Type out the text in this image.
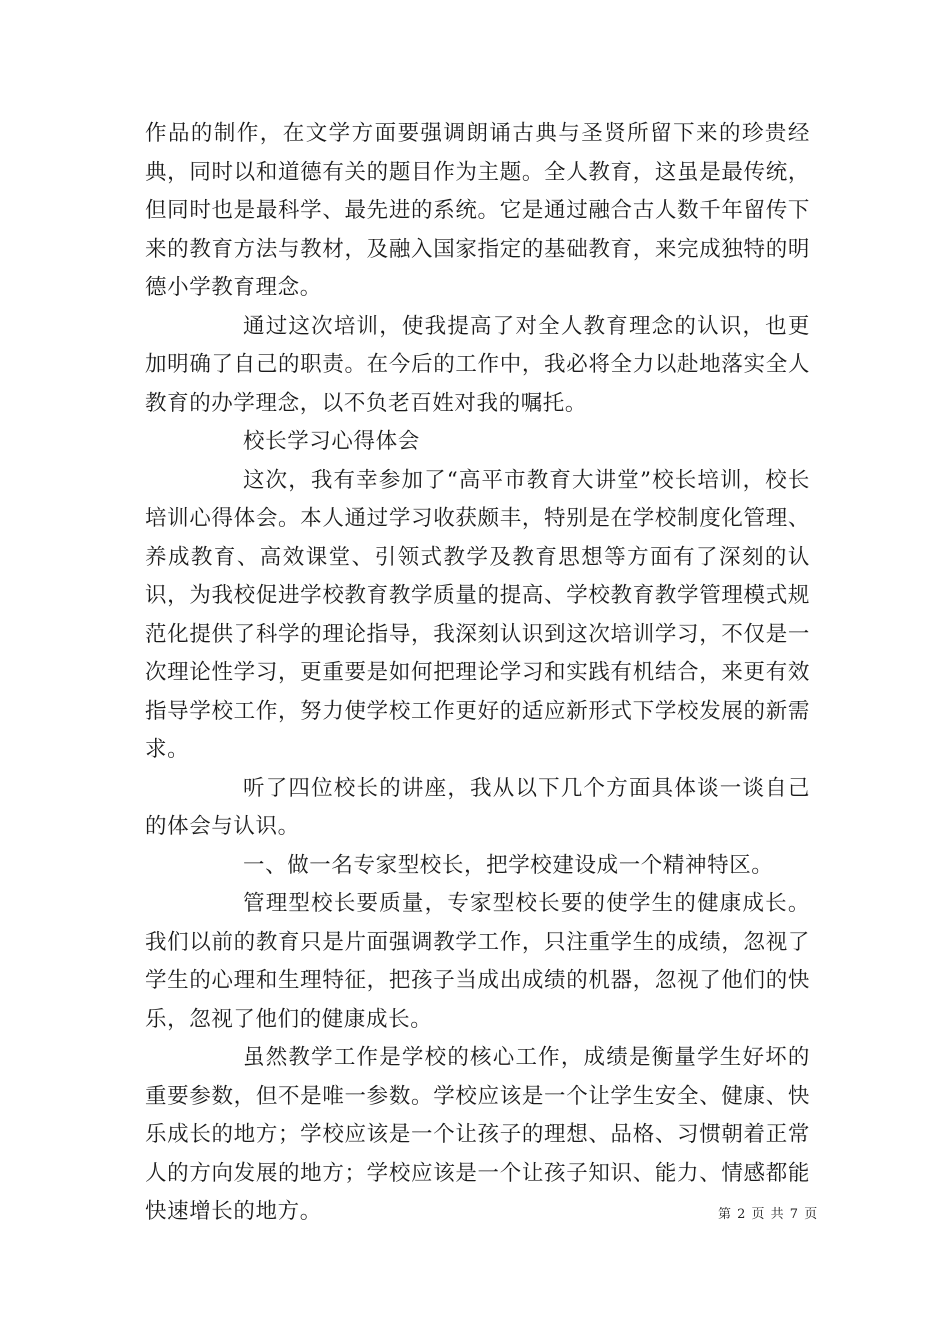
作品的制作，在文学方面要强调朗诵古典与圣贤所留下来的珍贵经典，同时以和道德有关的题目作为主题。全人教育，这虽是最传统，但同时也是最科学、最先进的系统。它是通过融合古人数千年留传下来的教育方法与教材，及融入国家指定的基础教育，来完成独特的明德小学教育理念。

通过这次培训，使我提高了对全人教育理念的认识，也更加明确了自己的职责。在今后的工作中，我必将全力以赴地落实全人教育的办学理念，以不负老百姓对我的嘱托。

校长学习心得体会

这次，我有幸参加了“高平市教育大讲堂”校长培训，校长培训心得体会。本人通过学习收获颇丰，特别是在学校制度化管理、养成教育、高效课堂、引领式教学及教育思想等方面有了深刻的认识，为我校促进学校教育教学质量的提高、学校教育教学管理模式规范化提供了科学的理论指导，我深刻认识到这次培训学习，不仅是一次理论性学习，更重要是如何把理论学习和实践有机结合，来更有效指导学校工作，努力使学校工作更好的适应新形式下学校发展的新需求。

听了四位校长的讲座，我从以下几个方面具体谈一谈自己的体会与认识。

一、做一名专家型校长，把学校建设成一个精神特区。

管理型校长要质量，专家型校长要的使学生的健康成长。我们以前的教育只是片面强调教学工作，只注重学生的成绩，忽视了学生的心理和生理特征，把孩子当成出成绩的机器，忽视了他们的快乐，忽视了他们的健康成长。

虽然教学工作是学校的核心工作，成绩是衡量学生好坏的重要参数，但不是唯一参数。学校应该是一个让学生安全、健康、快乐成长的地方；学校应该是一个让孩子的理想、品格、习惯朝着正常人的方向发展的地方；学校应该是一个让孩子知识、能力、情感都能快速增长的地方。	第 2 页 共 7 页
